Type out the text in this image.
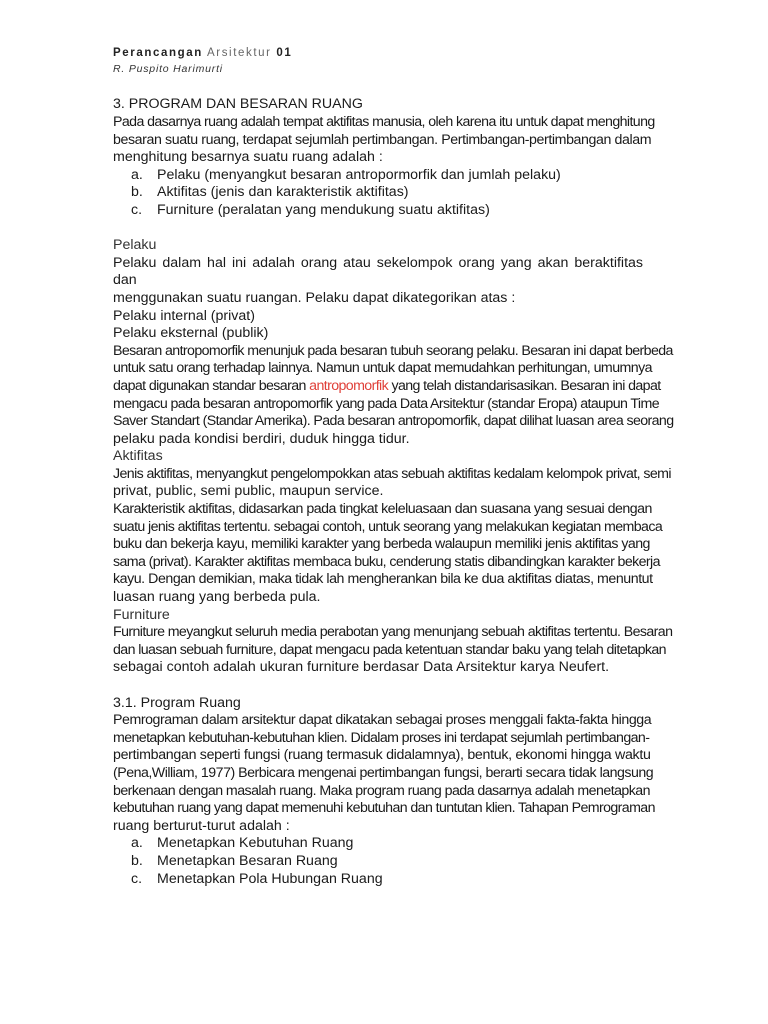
Perancangan Arsitektur 01
R. Puspito Harimurti

3. PROGRAM DAN BESARAN RUANG

Pada dasarnya ruang adalah tempat aktifitas manusia, oleh karena itu untuk dapat menghitung

besaran suatu ruang, terdapat sejumlah pertimbangan. Pertimbangan-pertimbangan dalam

menghitung besarnya suatu ruang adalah :

a. Pelaku (menyangkut besaran antropormorfik dan jumlah pelaku)
b. Aktifitas (jenis dan karakteristik aktifitas)
c. Furniture (peralatan yang mendukung suatu aktifitas)

Pelaku

Pelaku dalam hal ini adalah orang atau sekelompok orang yang akan beraktifitas dan

menggunakan suatu ruangan. Pelaku dapat dikategorikan atas :

Pelaku internal (privat)

Pelaku eksternal (publik)

Besaran antropomorfik menunjuk pada besaran tubuh seorang pelaku. Besaran ini dapat berbeda

untuk satu orang terhadap lainnya. Namun untuk dapat memudahkan perhitungan, umumnya

dapat digunakan standar besaran antropomorfik yang telah distandarisasikan. Besaran ini dapat

mengacu pada besaran antropomorfik yang pada Data Arsitektur (standar Eropa) ataupun Time

Saver Standart (Standar Amerika). Pada besaran antropomorfik, dapat dilihat luasan area seorang

pelaku pada kondisi berdiri, duduk hingga tidur.

Aktifitas

Jenis aktifitas, menyangkut pengelompokkan atas sebuah aktifitas kedalam kelompok privat, semi

privat, public, semi public, maupun service.

Karakteristik aktifitas, didasarkan pada tingkat keleluasaan dan suasana yang sesuai dengan

suatu jenis aktifitas tertentu. sebagai contoh, untuk seorang yang melakukan kegiatan membaca

buku dan bekerja kayu, memiliki karakter yang berbeda walaupun memiliki jenis aktifitas yang

sama (privat). Karakter aktifitas membaca buku, cenderung statis dibandingkan karakter bekerja

kayu. Dengan demikian, maka tidak lah mengherankan bila ke dua aktifitas diatas, menuntut

luasan ruang yang berbeda pula.

Furniture

Furniture meyangkut seluruh media perabotan yang menunjang sebuah aktifitas tertentu. Besaran

dan luasan sebuah furniture, dapat mengacu pada ketentuan standar baku yang telah ditetapkan

sebagai contoh adalah ukuran furniture berdasar Data Arsitektur karya Neufert.

3.1. Program Ruang

Pemrograman dalam arsitektur dapat dikatakan sebagai proses menggali fakta-fakta hingga

menetapkan kebutuhan-kebutuhan klien. Didalam proses ini terdapat sejumlah pertimbangan-

pertimbangan seperti fungsi (ruang termasuk didalamnya), bentuk, ekonomi hingga waktu

(Pena,William, 1977) Berbicara mengenai pertimbangan fungsi, berarti secara tidak langsung

berkenaan dengan masalah ruang. Maka program ruang pada dasarnya adalah menetapkan

kebutuhan ruang yang dapat memenuhi kebutuhan dan tuntutan klien. Tahapan Pemrograman

ruang berturut-turut adalah :

a. Menetapkan Kebutuhan Ruang
b. Menetapkan Besaran Ruang
c. Menetapkan Pola Hubungan Ruang
